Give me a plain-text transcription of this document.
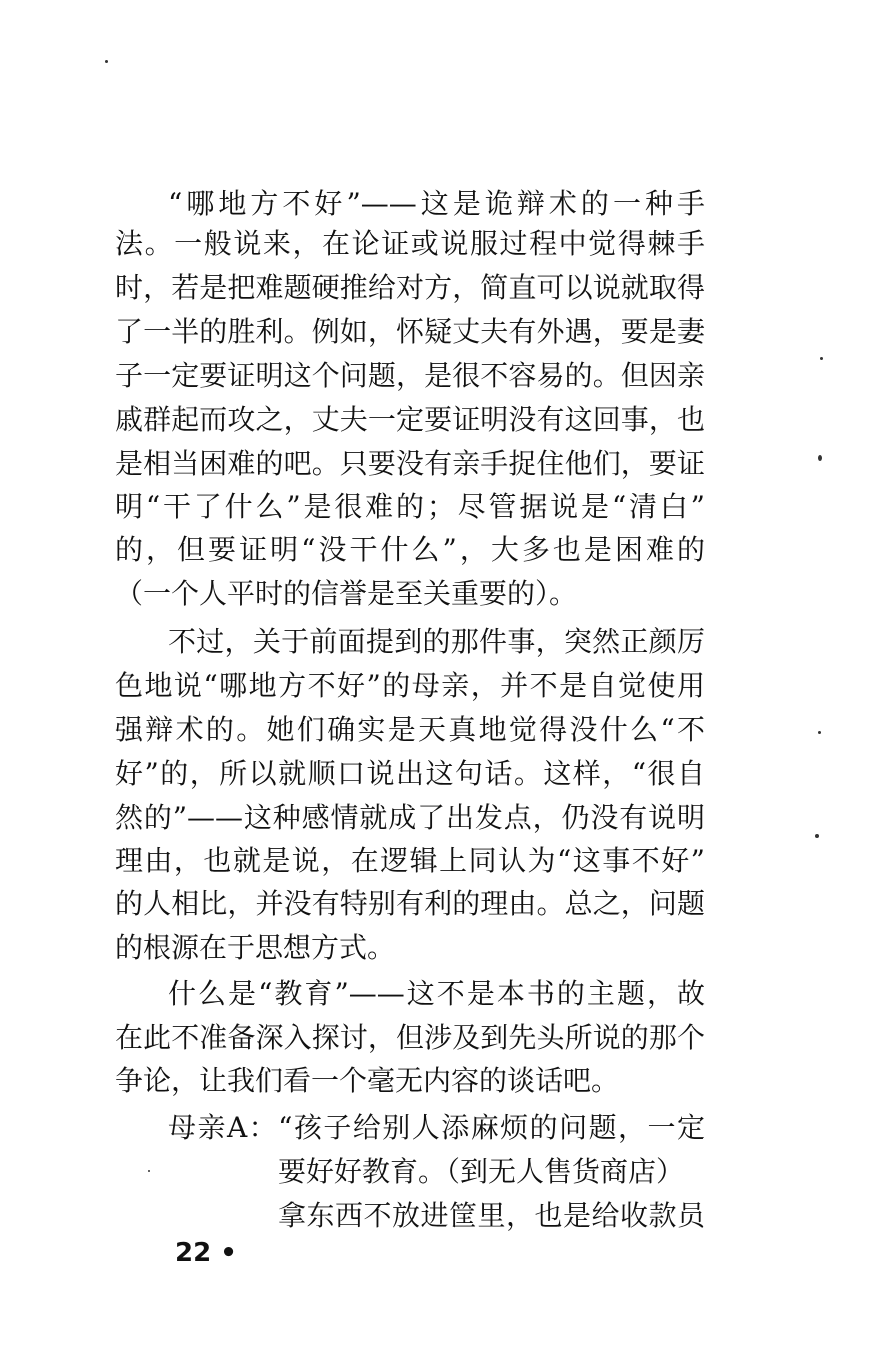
“哪地方不好”——这是诡辩术的一种手
法。一般说来，在论证或说服过程中觉得棘手
时，若是把难题硬推给对方，简直可以说就取得
了一半的胜利。例如，怀疑丈夫有外遇，要是妻
子一定要证明这个问题，是很不容易的。但因亲
戚群起而攻之，丈夫一定要证明没有这回事，也
是相当困难的吧。只要没有亲手捉住他们，要证
明“干了什么”是很难的；尽管据说是“清白”
的，但要证明“没干什么”，大多也是困难的
（一个人平时的信誉是至关重要的）。
不过，关于前面提到的那件事，突然正颜厉
色地说“哪地方不好”的母亲，并不是自觉使用
强辩术的。她们确实是天真地觉得没什么“不
好”的，所以就顺口说出这句话。这样，“很自
然的”——这种感情就成了出发点，仍没有说明
理由，也就是说，在逻辑上同认为“这事不好”
的人相比，并没有特别有利的理由。总之，问题
的根源在于思想方式。
什么是“教育”——这不是本书的主题，故
在此不准备深入探讨，但涉及到先头所说的那个
争论，让我们看一个毫无内容的谈话吧。
母亲A：“孩子给别人添麻烦的问题，一定
要好好教育。（到无人售货商店）
拿东西不放进筐里，也是给收款员
22 •
